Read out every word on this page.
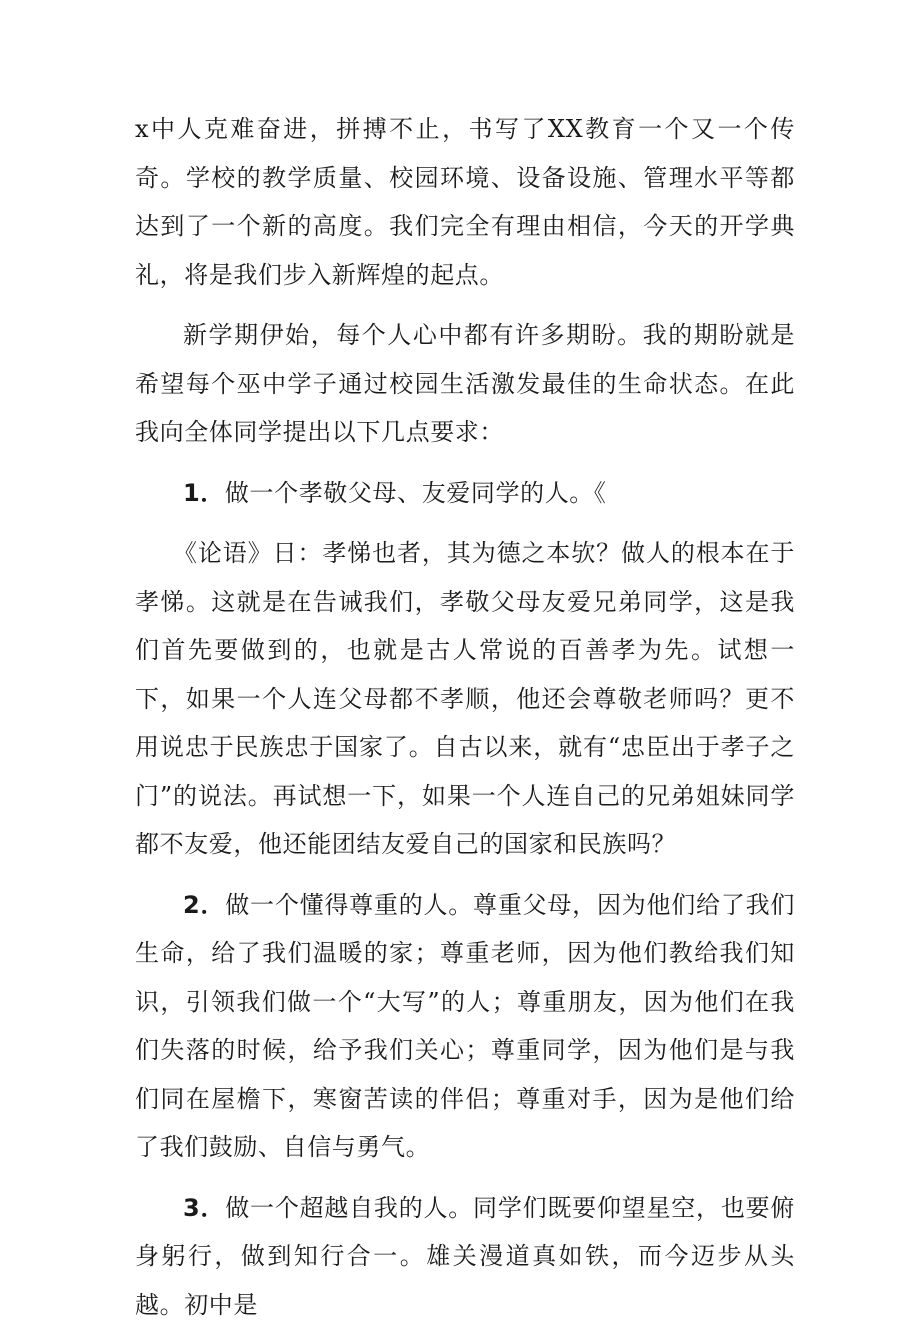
x中人克难奋进，拼搏不止，书写了XX教育一个又一个传奇。学校的教学质量、校园环境、设备设施、管理水平等都达到了一个新的高度。我们完全有理由相信，今天的开学典礼，将是我们步入新辉煌的起点。

新学期伊始，每个人心中都有许多期盼。我的期盼就是希望每个巫中学子通过校园生活激发最佳的生命状态。在此我向全体同学提出以下几点要求：

1．做一个孝敬父母、友爱同学的人。《

《论语》日：孝悌也者，其为德之本欤？做人的根本在于孝悌。这就是在告诫我们，孝敬父母友爱兄弟同学，这是我们首先要做到的，也就是古人常说的百善孝为先。试想一下，如果一个人连父母都不孝顺，他还会尊敬老师吗？更不用说忠于民族忠于国家了。自古以来，就有“忠臣出于孝子之门”的说法。再试想一下，如果一个人连自己的兄弟姐妹同学都不友爱，他还能团结友爱自己的国家和民族吗？

2．做一个懂得尊重的人。尊重父母，因为他们给了我们生命，给了我们温暖的家；尊重老师，因为他们教给我们知识，引领我们做一个“大写”的人；尊重朋友，因为他们在我们失落的时候，给予我们关心；尊重同学，因为他们是与我们同在屋檐下，寒窗苦读的伴侣；尊重对手，因为是他们给了我们鼓励、自信与勇气。

3．做一个超越自我的人。同学们既要仰望星空，也要俯身躬行，做到知行合一。雄关漫道真如铁，而今迈步从头越。初中是
